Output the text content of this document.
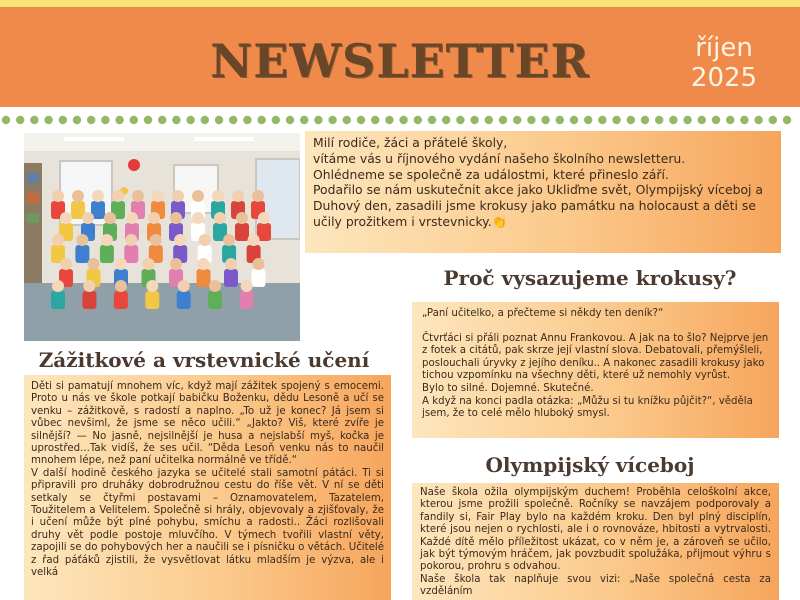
NEWSLETTER	říjen
2025

Milí rodiče, žáci a přátelé školy,

vítáme vás u říjnového vydání našeho školního newsletteru.

Ohlédneme se společně za událostmi, které přineslo září.

Podařilo se nám uskutečnit akce jako Ukliďme svět, Olympijský víceboj a Duhový den, zasadili jsme krokusy jako památku na holocaust a děti se učily prožitkem i vrstevnicky.👏

Proč vysazujeme krokusy?

„Paní učitelko, a přečteme si někdy ten deník?“

Čtvrťáci si přáli poznat Annu Frankovou. A jak na to šlo? Nejprve jen z fotek a citátů, pak skrze její vlastní slova. Debatovali, přemýšleli, poslouchali úryvky z jejího deníku.. A nakonec zasadili krokusy jako tichou vzpomínku na všechny děti, které už nemohly vyrůst.

Bylo to silné. Dojemné. Skutečné.

A když na konci padla otázka: „Můžu si tu knížku půjčit?“, věděla jsem, že to celé mělo hluboký smysl.

Zážitkové a vrstevnické učení

Děti si pamatují mnohem víc, když mají zážitek spojený s emocemi. Proto u nás ve škole potkají babičku Boženku, dědu Lesoně a učí se venku – zážitkově, s radostí a naplno. „To už je konec? Já jsem si vůbec nevšiml, že jsme se něco učili.“ „Jakto? Viš, které zvíře je silnější? — No jasně, nejsilnější je husa a nejslabší myš, kočka je uprostřed...Tak vidíš, že ses učil. “Děda Lesoň venku nás to naučil mnohem lépe, než paní učitelka normálně ve třídě.“

V další hodině českého jazyka se učitelé stali samotní pátáci. Ti si připravili pro druháky dobrodružnou cestu do říše vět. V ní se děti setkaly se čtyřmi postavami – Oznamovatelem, Tazatelem, Toužitelem a Velitelem. Společně si hrály, objevovaly a zjišťovaly, že i učení může být plné pohybu, smíchu a radosti.. Žáci rozlišovali druhy vět podle postoje mluvčího. V týmech tvořili vlastní věty, zapojili se do pohybových her a naučili se i písničku o větách. Učitelé z řad páťáků zjistili, že vysvětlovat látku mladším je výzva, ale i velká

Olympijský víceboj

Naše škola ožila olympijským duchem! Proběhla celoškolní akce, kterou jsme prožili společně. Ročníky se navzájem podporovaly a fandily si, Fair Play bylo na každém kroku. Den byl plný disciplín, které jsou nejen o rychlosti, ale i o rovnováze, hbitosti a vytrvalosti. Každé dítě mělo příležitost ukázat, co v něm je, a zároveň se učilo, jak být týmovým hráčem, jak povzbudit spolužáka, přijmout výhru s pokorou, prohru s odvahou.

Naše škola tak naplňuje svou vizi: „Naše společná cesta za vzděláním
